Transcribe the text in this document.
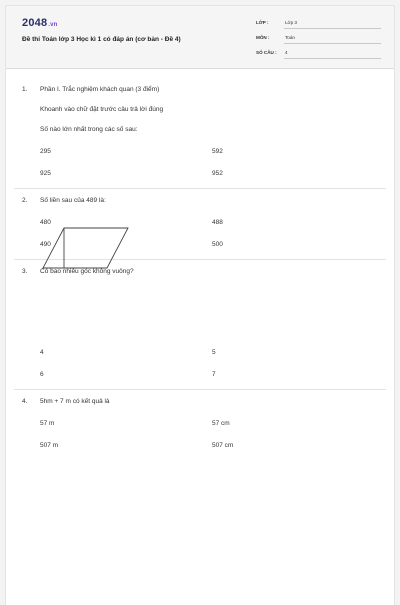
2048.vn
Đề thi Toán lớp 3 Học kì 1 có đáp án (cơ bản - Đề 4)
LỚP :	Lớp 3
MÔN :	Toán
SỐ CÂU : 4
1. Phần I. Trắc nghiệm khách quan (3 điểm)
Khoanh vào chữ đặt trước câu trả lời đúng
Số nào lớn nhất trong các số sau:
295	592
925	952
2. Số liền sau của 489 là:
480	488
490	500
3. Có bao nhiêu góc không vuông?
4	5
6	7
4. 5hm + 7 m có kết quả là
57 m	57 cm
507 m	507 cm
